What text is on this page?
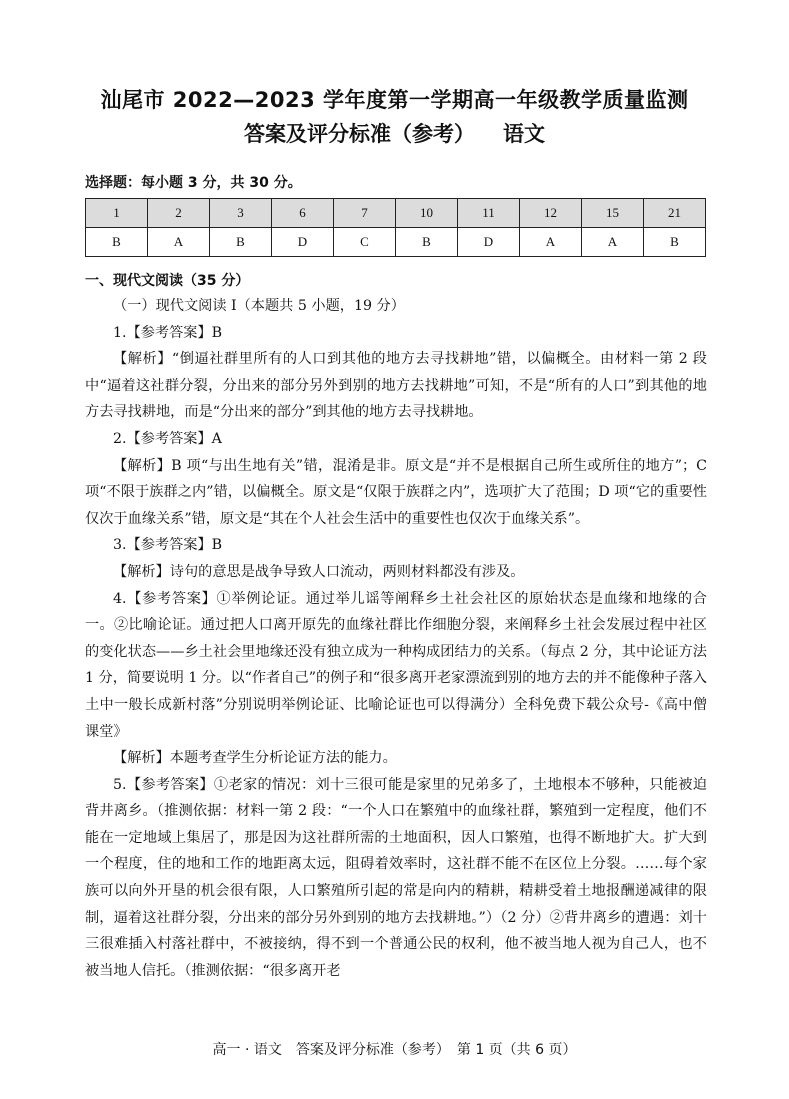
汕尾市 2022—2023 学年度第一学期高一年级教学质量监测
答案及评分标准（参考） 语文
选择题：每小题 3 分，共 30 分。
1	2	3	6	7	10	11	12	15	21
B	A	B	D	C	B	D	A	A	B
一、现代文阅读（35 分）

（一）现代文阅读 I（本题共 5 小题，19 分）

1.【参考答案】B

【解析】“倒逼社群里所有的人口到其他的地方去寻找耕地”错，以偏概全。由材料一第 2 段中“逼着这社群分裂，分出来的部分另外到别的地方去找耕地”可知，不是“所有的人口”到其他的地方去寻找耕地，而是“分出来的部分”到其他的地方去寻找耕地。

2.【参考答案】A

【解析】B 项“与出生地有关”错，混淆是非。原文是“并不是根据自己所生或所住的地方”；C 项“不限于族群之内”错，以偏概全。原文是“仅限于族群之内”，选项扩大了范围；D 项“它的重要性仅次于血缘关系”错，原文是“其在个人社会生活中的重要性也仅次于血缘关系”。

3.【参考答案】B

【解析】诗句的意思是战争导致人口流动，两则材料都没有涉及。

4.【参考答案】①举例论证。通过举儿谣等阐释乡土社会社区的原始状态是血缘和地缘的合一。②比喻论证。通过把人口离开原先的血缘社群比作细胞分裂，来阐释乡土社会发展过程中社区的变化状态——乡土社会里地缘还没有独立成为一种构成团结力的关系。（每点 2 分，其中论证方法 1 分，简要说明 1 分。以“作者自己”的例子和“很多离开老家漂流到别的地方去的并不能像种子落入土中一般长成新村落”分别说明举例论证、比喻论证也可以得满分）全科免费下载公众号-《高中僧课堂》

【解析】本题考查学生分析论证方法的能力。

5.【参考答案】①老家的情况：刘十三很可能是家里的兄弟多了，土地根本不够种，只能被迫背井离乡。（推测依据：材料一第 2 段：“一个人口在繁殖中的血缘社群，繁殖到一定程度，他们不能在一定地域上集居了，那是因为这社群所需的土地面积，因人口繁殖，也得不断地扩大。扩大到一个程度，住的地和工作的地距离太远，阻碍着效率时，这社群不能不在区位上分裂。……每个家族可以向外开垦的机会很有限，人口繁殖所引起的常是向内的精耕，精耕受着土地报酬递减律的限制，逼着这社群分裂，分出来的部分另外到别的地方去找耕地。”）（2 分）②背井离乡的遭遇：刘十三很难插入村落社群中，不被接纳，得不到一个普通公民的权利，他不被当地人视为自己人，也不被当地人信托。（推测依据：“很多离开老

高一 · 语文　答案及评分标准（参考）　第 1 页（共 6 页）
